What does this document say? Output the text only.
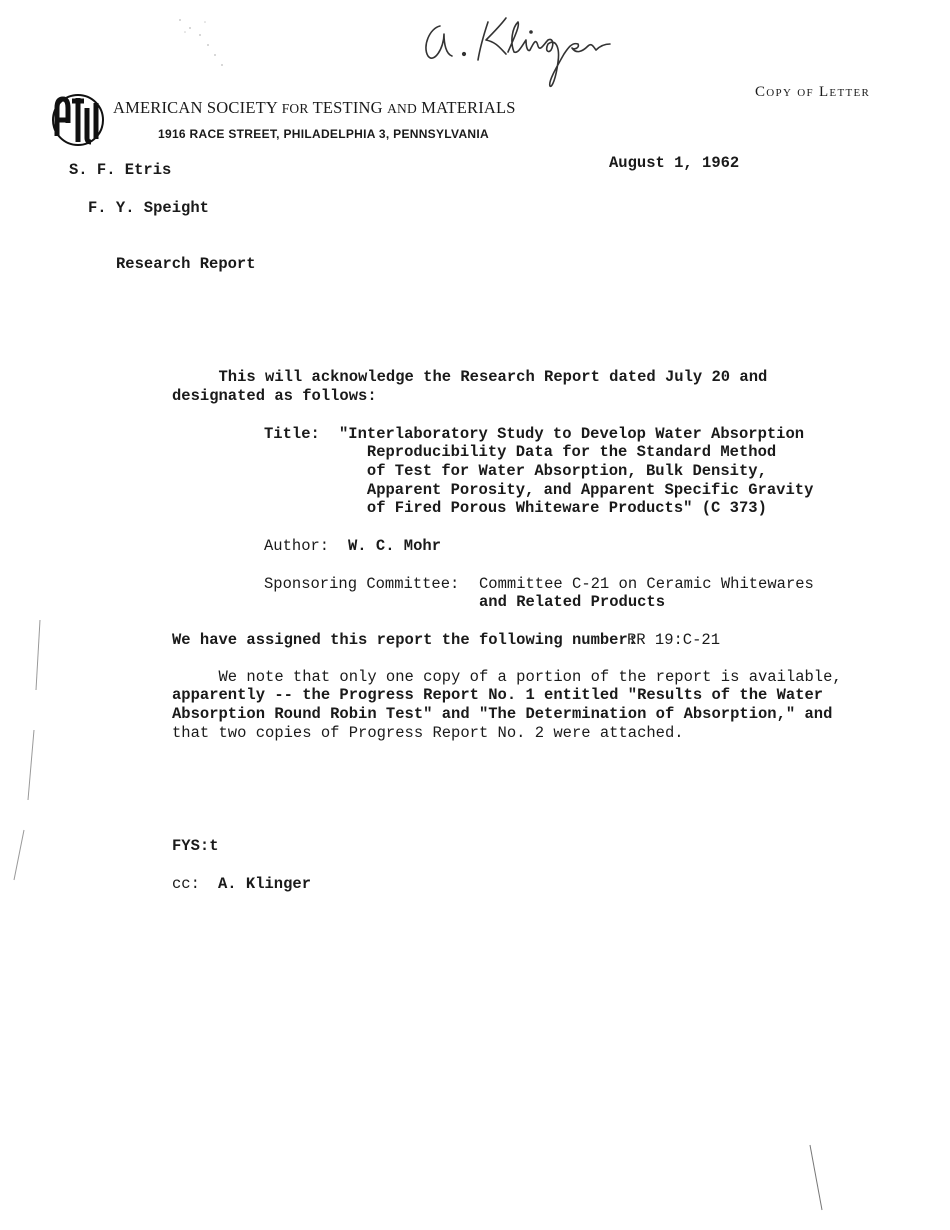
Copy of Letter
AMERICAN SOCIETY FOR TESTING AND MATERIALS
1916 RACE STREET, PHILADELPHIA 3, PENNSYLVANIA
S. F. Etris	August 1, 1962
F. Y. Speight
Research Report
This will acknowledge the Research Report dated July 20 and
designated as follows:
Title: "Interlaboratory Study to Develop Water Absorption
Reproducibility Data for the Standard Method
of Test for Water Absorption, Bulk Density,
Apparent Porosity, and Apparent Specific Gravity
of Fired Porous Whiteware Products" (C 373)
Author: W. C. Mohr
Sponsoring Committee: Committee C-21 on Ceramic Whitewares
and Related Products
We have assigned this report the following number:
RR 19:C-21
We note that only one copy of a portion of the report is available,
apparently -- the Progress Report No. 1 entitled "Results of the Water
Absorption Round Robin Test" and "The Determination of Absorption," and
that two copies of Progress Report No. 2 were attached.
FYS:t
cc: A. Klinger
